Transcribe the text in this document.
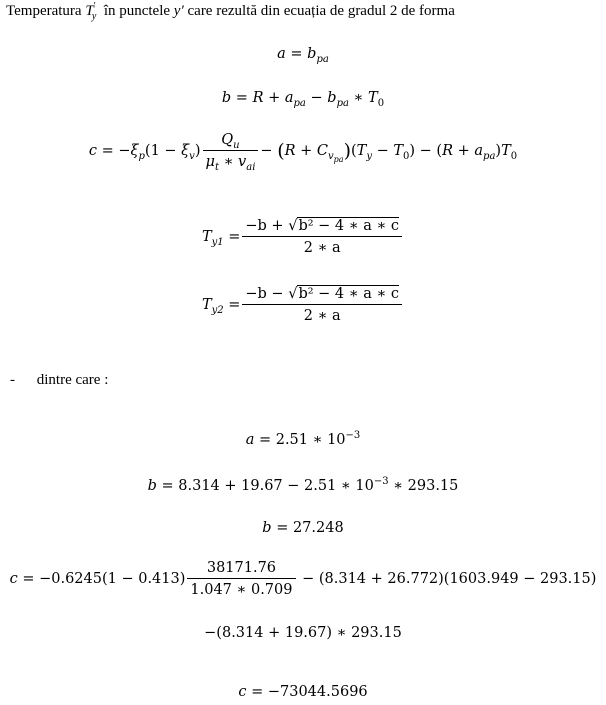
Temperatura $T'_y$  în punctele y′ care rezultă din ecuația de gradul 2 de forma
$a = b_{pa}$
$b = R + a_{pa} - b_{pa}$ ∗ $T_0$
$c = -\xi_p(1 - \xi_v) \frac{Q_u}{\mu_t ∗ v_{ai}} - (R + C_{v_{pa}})(T_y - T_0) - (R + a_{pa})T_0$
$T_{y1} = \frac{\text{−b + √b² − 4 ∗ a ∗ c}}{2 ∗ a}$
$T_{y2} = \frac{\text{−b − √b² − 4 ∗ a ∗ c}}{2 ∗ a}$
- dintre care :
a = 2.51 ∗ $10^{-3}$
b = 8.314 + 19.67 − 2.51 ∗ $10^{-3}$ ∗ 293.15
b = 27.248
$c = -0.6245(1 - 0.413) \frac{38171.76}{1.047 ∗ 0.709} - (8.314 + 26.772)(1603.949 - 293.15)$
−(8.314 + 19.67) ∗ 293.15
c = −73044.5696
